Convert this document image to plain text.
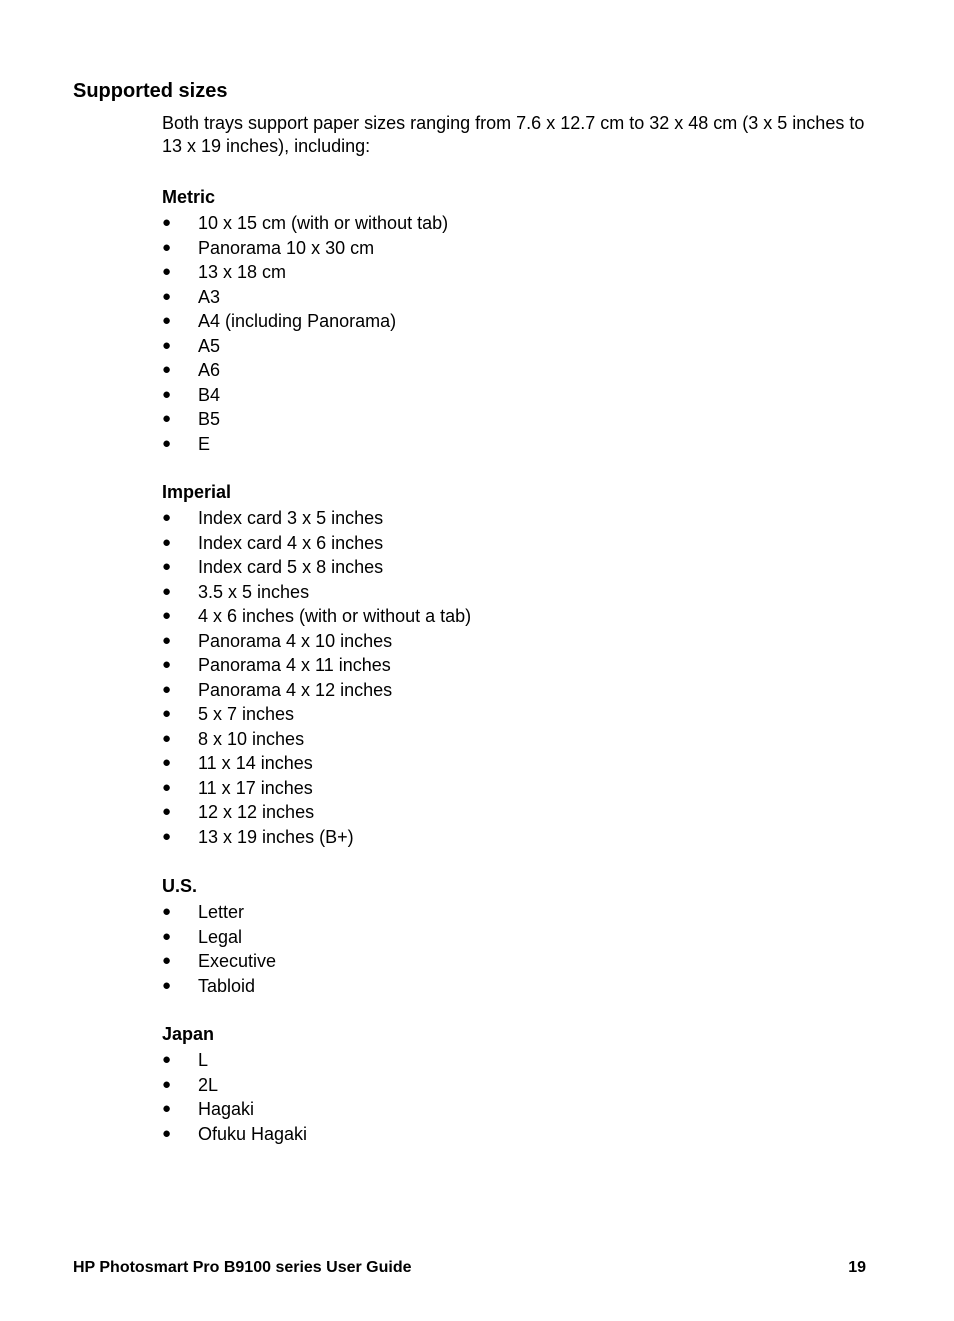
Supported sizes

Both trays support paper sizes ranging from 7.6 x 12.7 cm to 32 x 48 cm (3 x 5 inches to 13 x 19 inches), including:

Metric
● 10 x 15 cm (with or without tab)
● Panorama 10 x 30 cm
● 13 x 18 cm
● A3
● A4 (including Panorama)
● A5
● A6
● B4
● B5
● E
Imperial
● Index card 3 x 5 inches
● Index card 4 x 6 inches
● Index card 5 x 8 inches
● 3.5 x 5 inches
● 4 x 6 inches (with or without a tab)
● Panorama 4 x 10 inches
● Panorama 4 x 11 inches
● Panorama 4 x 12 inches
● 5 x 7 inches
● 8 x 10 inches
● 11 x 14 inches
● 11 x 17 inches
● 12 x 12 inches
● 13 x 19 inches (B+)
U.S.
● Letter
● Legal
● Executive
● Tabloid
Japan
● L
● 2L
● Hagaki
● Ofuku Hagaki
HP Photosmart Pro B9100 series User Guide	19
